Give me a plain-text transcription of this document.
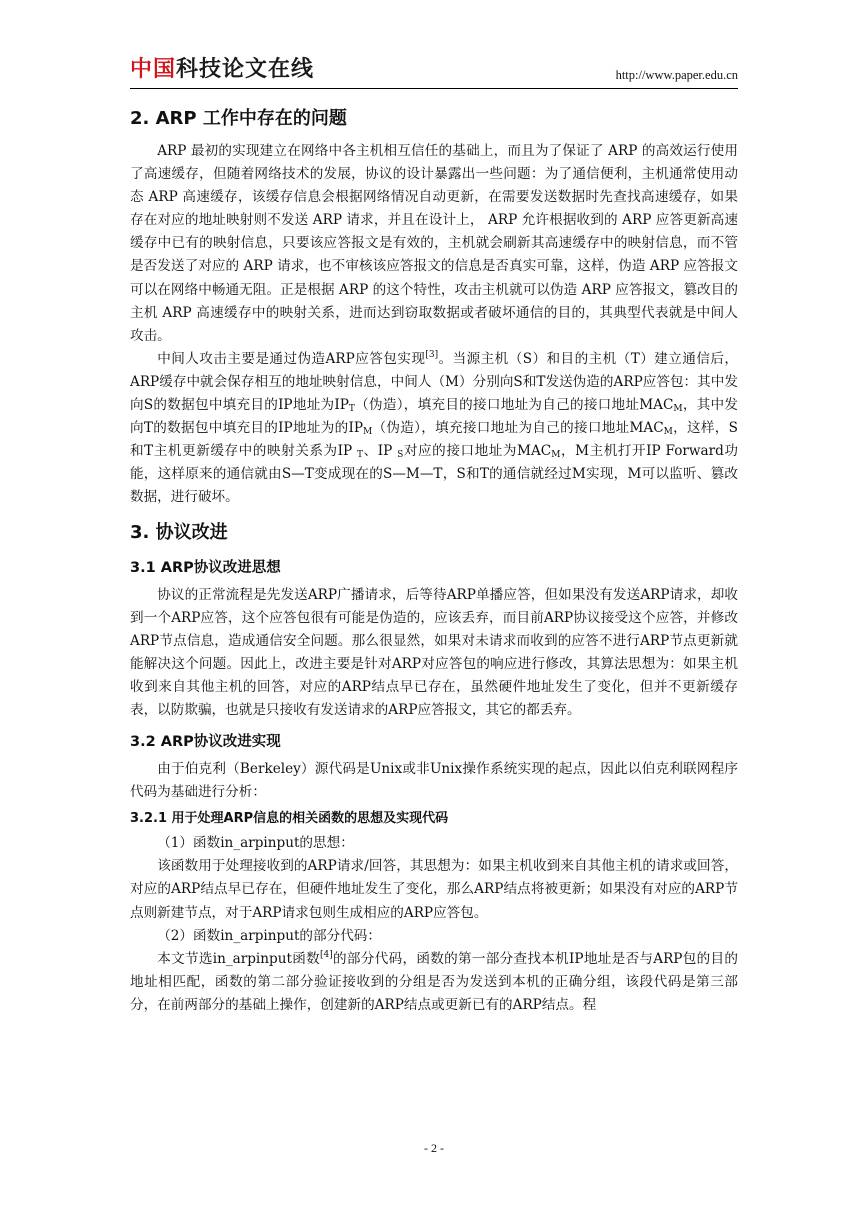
中国科技论文在线	http://www.paper.edu.cn
2. ARP 工作中存在的问题

ARP 最初的实现建立在网络中各主机相互信任的基础上，而且为了保证了 ARP 的高效运行使用了高速缓存，但随着网络技术的发展，协议的设计暴露出一些问题：为了通信便利，主机通常使用动态 ARP 高速缓存，该缓存信息会根据网络情况自动更新，在需要发送数据时先查找高速缓存，如果存在对应的地址映射则不发送 ARP 请求，并且在设计上， ARP 允许根据收到的 ARP 应答更新高速缓存中已有的映射信息，只要该应答报文是有效的，主机就会刷新其高速缓存中的映射信息，而不管是否发送了对应的 ARP 请求，也不审核该应答报文的信息是否真实可靠，这样，伪造 ARP 应答报文可以在网络中畅通无阻。正是根据 ARP 的这个特性，攻击主机就可以伪造 ARP 应答报文，篡改目的主机 ARP 高速缓存中的映射关系，进而达到窃取数据或者破坏通信的目的，其典型代表就是中间人攻击。

中间人攻击主要是通过伪造ARP应答包实现[3]。当源主机（S）和目的主机（T）建立通信后，ARP缓存中就会保存相互的地址映射信息，中间人（M）分别向S和T发送伪造的ARP应答包：其中发向S的数据包中填充目的IP地址为$IP_T$（伪造），填充目的接口地址为自己的接口地址$MAC_M$，其中发向T的数据包中填充目的IP地址为的$IP_M$（伪造），填充接口地址为自己的接口地址$MAC_M$，这样，S和T主机更新缓存中的映射关系为IP $_T$、IP $_S$对应的接口地址为$MAC_M$，M主机打开IP Forward功能，这样原来的通信就由S—T变成现在的S—M—T，S和T的通信就经过M实现，M可以监听、篡改数据，进行破坏。

3. 协议改进
3.1 ARP协议改进思想

协议的正常流程是先发送ARP广播请求，后等待ARP单播应答，但如果没有发送ARP请求，却收到一个ARP应答，这个应答包很有可能是伪造的，应该丢弃，而目前ARP协议接受这个应答，并修改ARP节点信息，造成通信安全问题。那么很显然，如果对未请求而收到的应答不进行ARP节点更新就能解决这个问题。因此上，改进主要是针对ARP对应答包的响应进行修改，其算法思想为：如果主机收到来自其他主机的回答，对应的ARP结点早已存在，虽然硬件地址发生了变化，但并不更新缓存表，以防欺骗，也就是只接收有发送请求的ARP应答报文，其它的都丢弃。

3.2 ARP协议改进实现

由于伯克利（Berkeley）源代码是Unix或非Unix操作系统实现的起点，因此以伯克利联网程序代码为基础进行分析：

3.2.1 用于处理ARP信息的相关函数的思想及实现代码

（1）函数in_arpinput的思想：

该函数用于处理接收到的ARP请求/回答，其思想为：如果主机收到来自其他主机的请求或回答，对应的ARP结点早已存在，但硬件地址发生了变化，那么ARP结点将被更新；如果没有对应的ARP节点则新建节点，对于ARP请求包则生成相应的ARP应答包。

（2）函数in_arpinput的部分代码：

本文节选in_arpinput函数[4]的部分代码，函数的第一部分查找本机IP地址是否与ARP包的目的地址相匹配，函数的第二部分验证接收到的分组是否为发送到本机的正确分组，该段代码是第三部分，在前两部分的基础上操作，创建新的ARP结点或更新已有的ARP结点。程

- 2 -
